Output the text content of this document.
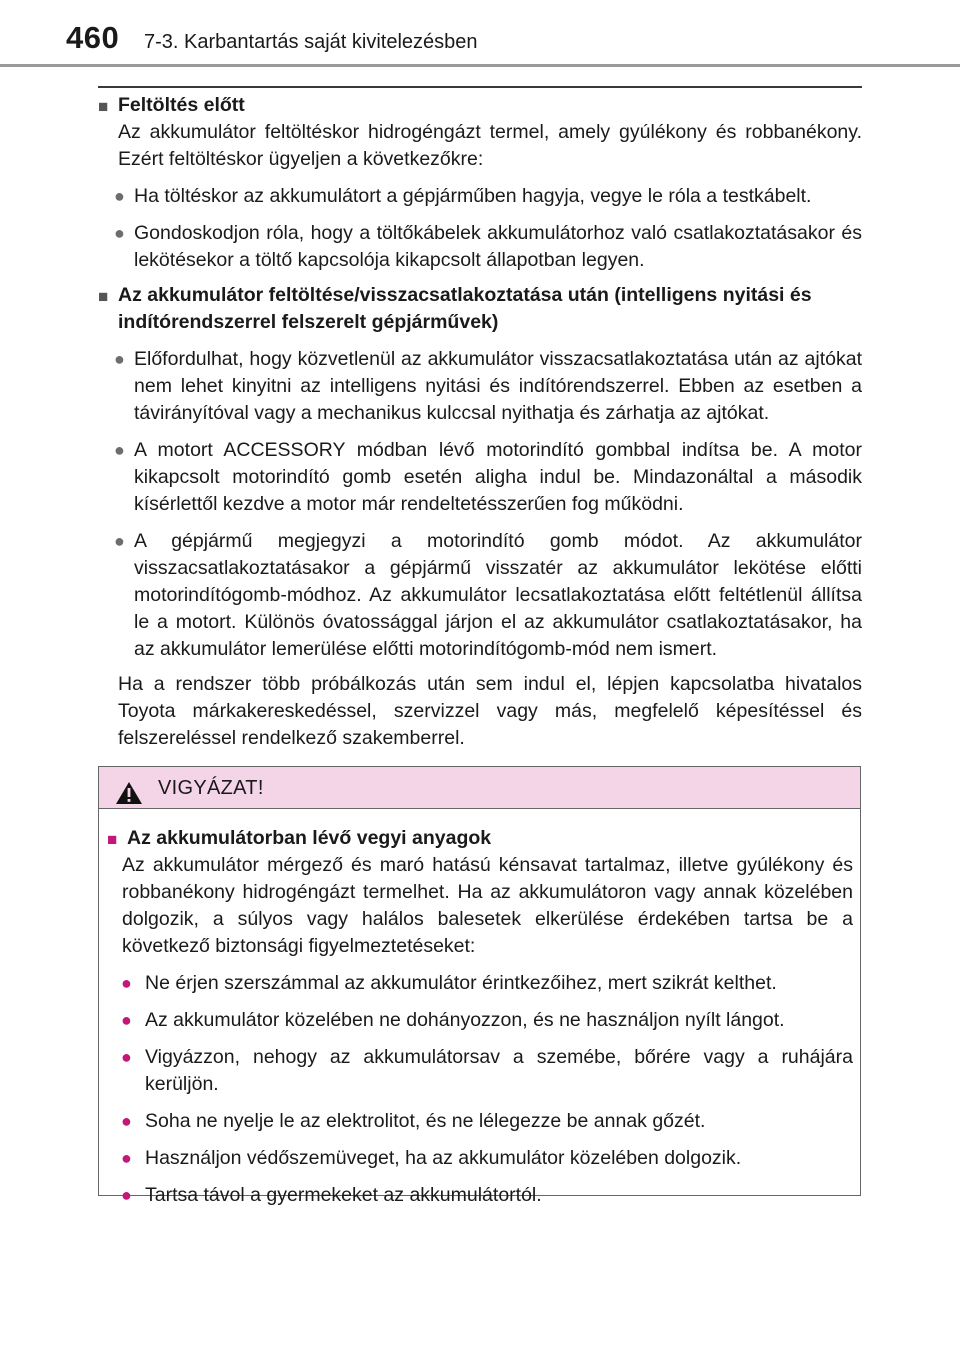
460 7-3. Karbantartás saját kivitelezésben

■ Feltöltés előtt

Az akkumulátor feltöltéskor hidrogéngázt termel, amely gyúlékony és robbanékony. Ezért feltöltéskor ügyeljen a következőkre:

● Ha töltéskor az akkumulátort a gépjárműben hagyja, vegye le róla a testkábelt.

● Gondoskodjon róla, hogy a töltőkábelek akkumulátorhoz való csatlakoztatásakor és lekötésekor a töltő kapcsolója kikapcsolt állapotban legyen.

■ Az akkumulátor feltöltése/visszacsatlakoztatása után (intelligens nyitási és indítórendszerrel felszerelt gépjárművek)

● Előfordulhat, hogy közvetlenül az akkumulátor visszacsatlakoztatása után az ajtókat nem lehet kinyitni az intelligens nyitási és indítórendszerrel. Ebben az esetben a távirányítóval vagy a mechanikus kulccsal nyithatja és zárhatja az ajtókat.

● A motort ACCESSORY módban lévő motorindító gombbal indítsa be. A motor kikapcsolt motorindító gomb esetén aligha indul be. Mindazonáltal a második kísérlettől kezdve a motor már rendeltetésszerűen fog működni.

● A gépjármű megjegyzi a motorindító gomb módot. Az akkumulátor visszacsatlakoztatásakor a gépjármű visszatér az akkumulátor lekötése előtti motorindítógomb-módhoz. Az akkumulátor lecsatlakoztatása előtt feltétlenül állítsa le a motort. Különös óvatossággal járjon el az akkumulátor csatlakoztatásakor, ha az akkumulátor lemerülése előtti motorindítógomb-mód nem ismert.

Ha a rendszer több próbálkozás után sem indul el, lépjen kapcsolatba hivatalos Toyota márkakereskedéssel, szervizzel vagy más, megfelelő képesítéssel és felszereléssel rendelkező szakemberrel.

VIGYÁZAT!

■ Az akkumulátorban lévő vegyi anyagok

Az akkumulátor mérgező és maró hatású kénsavat tartalmaz, illetve gyúlékony és robbanékony hidrogéngázt termelhet. Ha az akkumulátoron vagy annak közelében dolgozik, a súlyos vagy halálos balesetek elkerülése érdekében tartsa be a következő biztonsági figyelmeztetéseket:

● Ne érjen szerszámmal az akkumulátor érintkezőihez, mert szikrát kelthet.

● Az akkumulátor közelében ne dohányozzon, és ne használjon nyílt lángot.

● Vigyázzon, nehogy az akkumulátorsav a szemébe, bőrére vagy a ruhájára kerüljön.

● Soha ne nyelje le az elektrolitot, és ne lélegezze be annak gőzét.

● Használjon védőszemüveget, ha az akkumulátor közelében dolgozik.

● Tartsa távol a gyermekeket az akkumulátortól.
